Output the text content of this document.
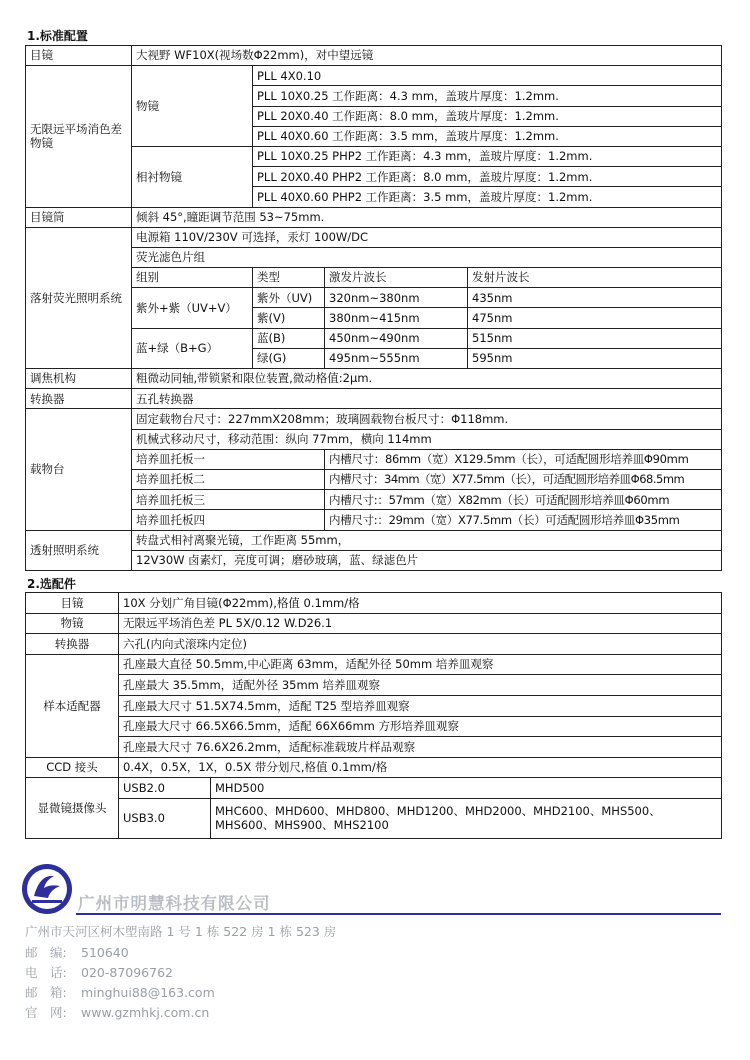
1.标准配置
目镜	大视野 WF10X(视场数Φ22mm)，对中望远镜			
无限远平场消色差物镜	物镜	PLL 4X0.10		
		PLL 10X0.25 工作距离：4.3 mm，盖玻片厚度：1.2mm.		
		PLL 20X0.40 工作距离：8.0 mm，盖玻片厚度：1.2mm.		
		PLL 40X0.60 工作距离：3.5 mm，盖玻片厚度：1.2mm.		
	相衬物镜	PLL 10X0.25 PHP2 工作距离：4.3 mm，盖玻片厚度：1.2mm.		
		PLL 20X0.40 PHP2 工作距离：8.0 mm，盖玻片厚度：1.2mm.		
		PLL 40X0.60 PHP2 工作距离：3.5 mm，盖玻片厚度：1.2mm.		
目镜筒	倾斜 45°,瞳距调节范围 53~75mm.			
落射荧光照明系统	电源箱 110V/230V 可选择，汞灯 100W/DC			
	荧光滤色片组			
	组别	类型	激发片波长	发射片波长
	紫外+紫（UV+V）	紫外（UV)	320nm~380nm	435nm
		紫(V)	380nm~415nm	475nm
	蓝+绿（B+G）	蓝(B)	450nm~490nm	515nm
		绿(G)	495nm~555nm	595nm
调焦机构	粗微动同轴,带锁紧和限位装置,微动格值:2μm.			
转换器	五孔转换器			
载物台	固定载物台尺寸：227mmX208mm；玻璃圆载物台板尺寸：Φ118mm.			
	机械式移动尺寸，移动范围：纵向 77mm，横向 114mm			
	培养皿托板一		内槽尺寸：86mm（宽）X129.5mm（长），可适配圆形培养皿Φ90mm	
	培养皿托板二		内槽尺寸：34mm（宽）X77.5mm（长），可适配圆形培养皿Φ68.5mm	
	培养皿托板三		内槽尺寸:：57mm（宽）X82mm（长）可适配圆形培养皿Φ60mm	
	培养皿托板四		内槽尺寸:：29mm（宽）X77.5mm（长）可适配圆形培养皿Φ35mm	
透射照明系统	转盘式相衬离聚光镜，工作距离 55mm，			
	12V30W 卤素灯，亮度可调；磨砂玻璃，蓝、绿滤色片			
2.选配件
目镜	10X 分划广角目镜(Φ22mm),格值 0.1mm/格	
物镜	无限远平场消色差 PL 5X/0.12 W.D26.1	
转换器	六孔(内向式滚珠内定位)	
样本适配器	孔座最大直径 50.5mm,中心距离 63mm，适配外径 50mm 培养皿观察	
	孔座最大 35.5mm，适配外径 35mm 培养皿观察	
	孔座最大尺寸 51.5X74.5mm，适配 T25 型培养皿观察	
	孔座最大尺寸 66.5X66.5mm，适配 66X66mm 方形培养皿观察	
	孔座最大尺寸 76.6X26.2mm，适配标准载玻片样品观察	
CCD 接头	0.4X，0.5X，1X，0.5X 带分划尺,格值 0.1mm/格	
显微镜摄像头	USB2.0	MHD500
	USB3.0	MHC600、MHD600、MHD800、MHD1200、MHD2000、MHD2100、MHS500、MHS600、MHS900、MHS2100
广州市明慧科技有限公司
广州市天河区柯木塱南路 1 号 1 栋 522 房 1 栋 523 房
邮　编: 510640
电　话: 020-87096762
邮　箱: minghui88@163.com
官　网: www.gzmhkj.com.cn
